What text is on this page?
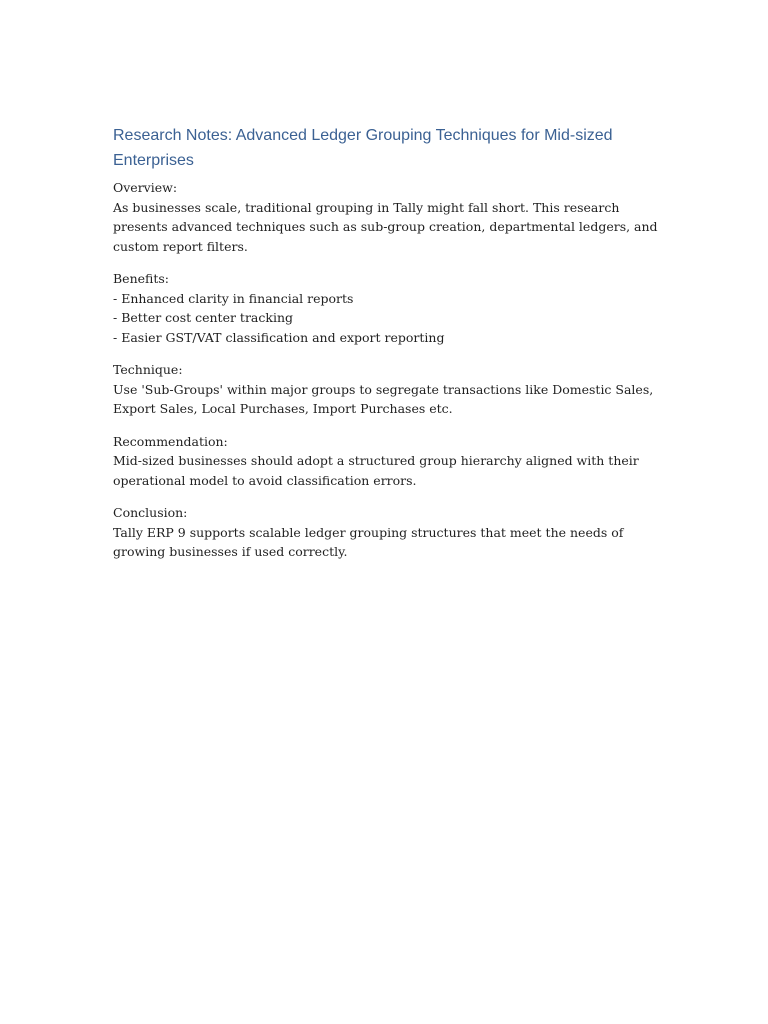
Research Notes: Advanced Ledger Grouping Techniques for Mid-sized Enterprises
Overview:
As businesses scale, traditional grouping in Tally might fall short. This research presents advanced techniques such as sub-group creation, departmental ledgers, and custom report filters.
Benefits:
- Enhanced clarity in financial reports
- Better cost center tracking
- Easier GST/VAT classification and export reporting
Technique:
Use 'Sub-Groups' within major groups to segregate transactions like Domestic Sales, Export Sales, Local Purchases, Import Purchases etc.
Recommendation:
Mid-sized businesses should adopt a structured group hierarchy aligned with their operational model to avoid classification errors.
Conclusion:
Tally ERP 9 supports scalable ledger grouping structures that meet the needs of growing businesses if used correctly.
